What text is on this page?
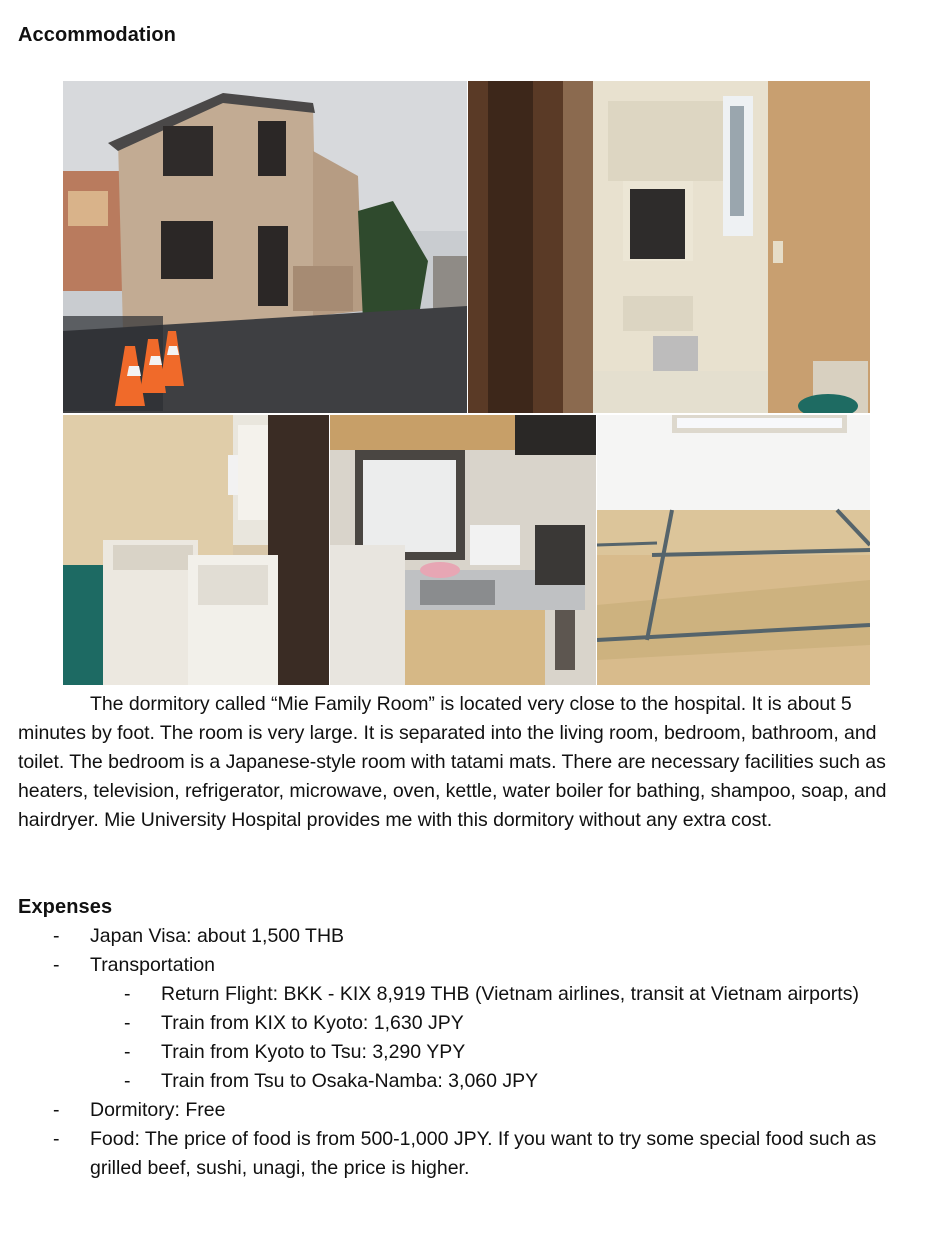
Accommodation

The dormitory called “Mie Family Room” is located very close to the hospital. It is about 5 minutes by foot. The room is very large. It is separated into the living room, bedroom, bathroom, and toilet. The bedroom is a Japanese-style room with tatami mats. There are necessary facilities such as heaters, television, refrigerator, microwave, oven, kettle, water boiler for bathing, shampoo, soap, and hairdryer. Mie University Hospital provides me with this dormitory without any extra cost.

Expenses
- Japan Visa: about 1,500 THB
- Transportation
- Return Flight: BKK - KIX 8,919 THB (Vietnam airlines, transit at Vietnam airports)
- Train from KIX to Kyoto: 1,630 JPY
- Train from Kyoto to Tsu: 3,290 YPY
- Train from Tsu to Osaka-Namba: 3,060 JPY
- Dormitory: Free
- Food: The price of food is from 500-1,000 JPY. If you want to try some special food such as grilled beef, sushi, unagi, the price is higher.
